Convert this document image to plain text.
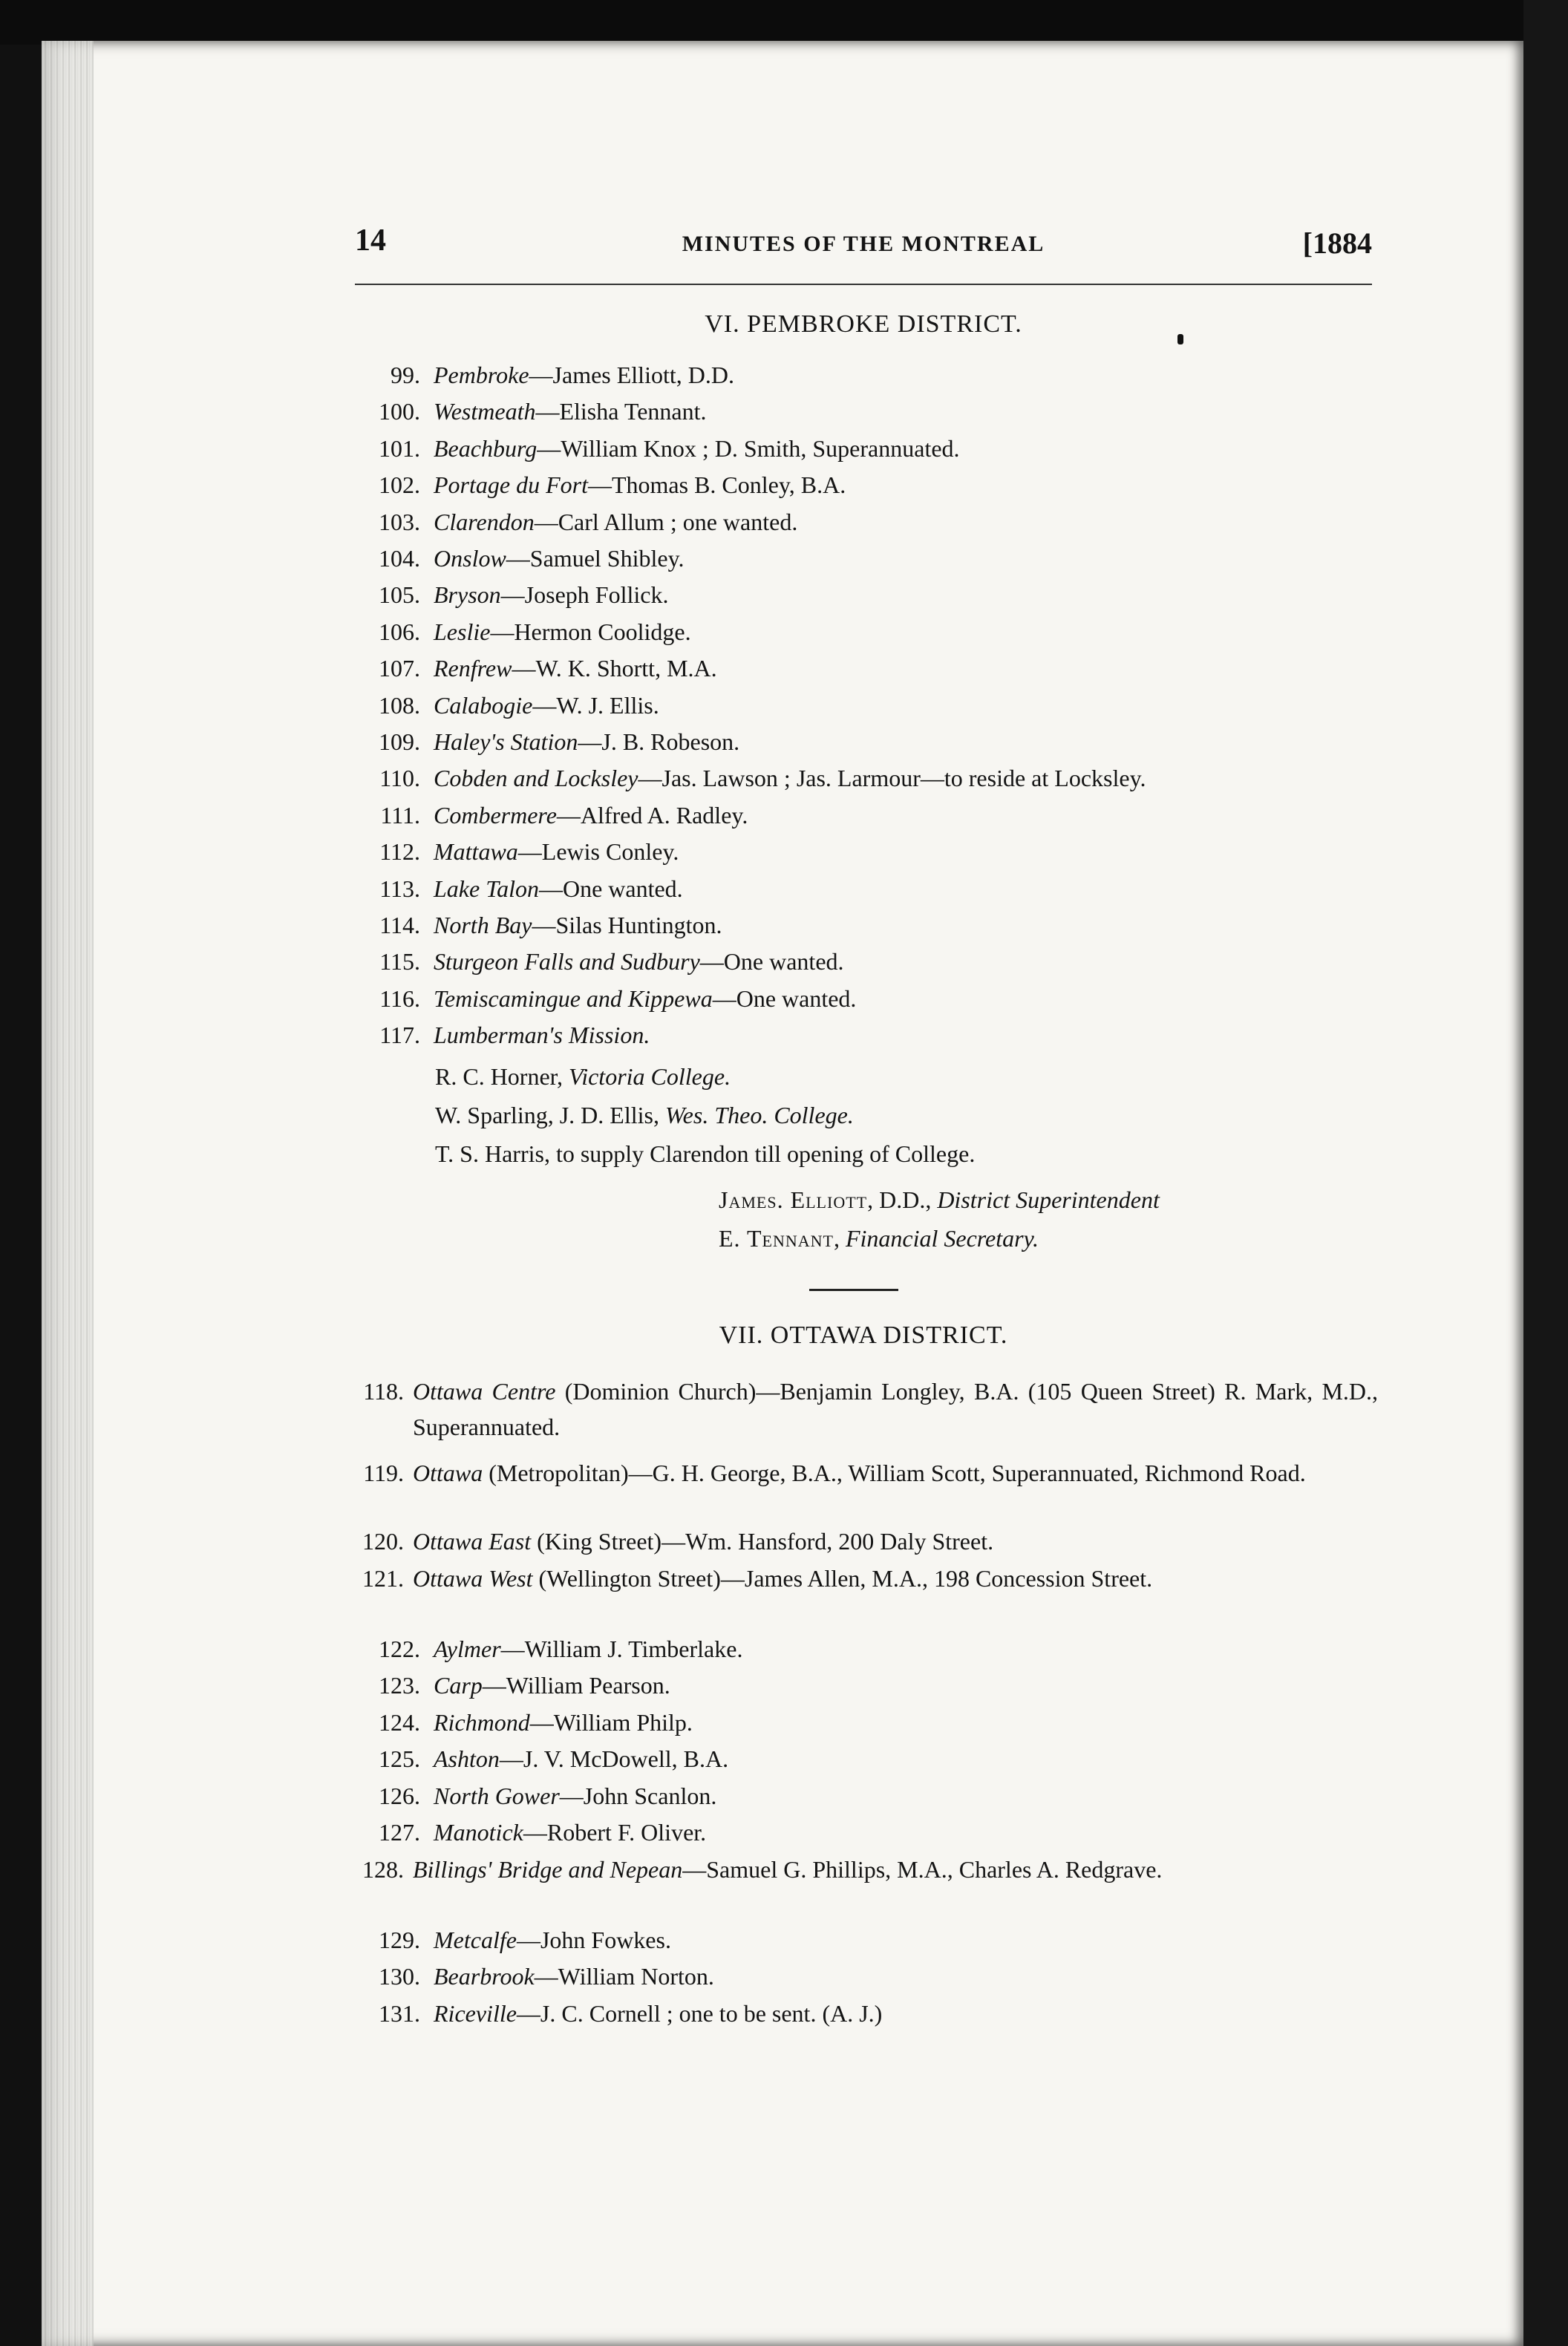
14	MINUTES OF THE MONTREAL	[1884
VI. PEMBROKE DISTRICT.
99. Pembroke—James Elliott, D.D.
100. Westmeath—Elisha Tennant.
101. Beachburg—William Knox ; D. Smith, Superannuated.
102. Portage du Fort—Thomas B. Conley, B.A.
103. Clarendon—Carl Allum ; one wanted.
104. Onslow—Samuel Shibley.
105. Bryson—Joseph Follick.
106. Leslie—Hermon Coolidge.
107. Renfrew—W. K. Shortt, M.A.
108. Calabogie—W. J. Ellis.
109. Haley's Station—J. B. Robeson.
110. Cobden and Locksley—Jas. Lawson ; Jas. Larmour—to reside at Locksley.
111. Combermere—Alfred A. Radley.
112. Mattawa—Lewis Conley.
113. Lake Talon—One wanted.
114. North Bay—Silas Huntington.
115. Sturgeon Falls and Sudbury—One wanted.
116. Temiscamingue and Kippewa—One wanted.
117. Lumberman's Mission.
R. C. Horner, Victoria College.
W. Sparling, J. D. Ellis, Wes. Theo. College.
T. S. Harris, to supply Clarendon till opening of College.
James. Elliott, D.D., District Superintendent
E. Tennant, Financial Secretary.
VII. OTTAWA DISTRICT.
118. Ottawa Centre (Dominion Church)—Benjamin Longley, B.A. (105 Queen Street) R. Mark, M.D., Superannuated.
119. Ottawa (Metropolitan)—G. H. George, B.A., William Scott, Superannuated, Richmond Road.
120. Ottawa East (King Street)—Wm. Hansford, 200 Daly Street.
121. Ottawa West (Wellington Street)—James Allen, M.A., 198 Concession Street.
122. Aylmer—William J. Timberlake.
123. Carp—William Pearson.
124. Richmond—William Philp.
125. Ashton—J. V. McDowell, B.A.
126. North Gower—John Scanlon.
127. Manotick—Robert F. Oliver.
128. Billings' Bridge and Nepean—Samuel G. Phillips, M.A., Charles A. Redgrave.
129. Metcalfe—John Fowkes.
130. Bearbrook—William Norton.
131. Riceville—J. C. Cornell ; one to be sent. (A. J.)
